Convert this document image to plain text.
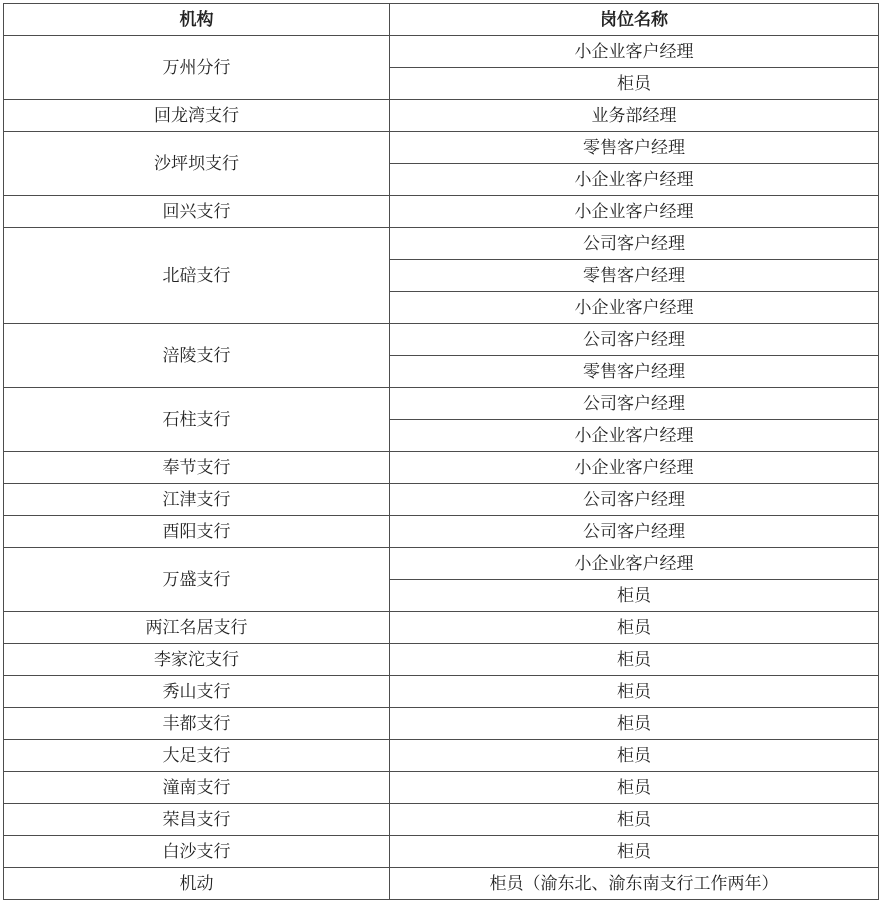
机构	岗位名称
万州分行	小企业客户经理
	柜员
回龙湾支行	业务部经理
沙坪坝支行	零售客户经理
	小企业客户经理
回兴支行	小企业客户经理
北碚支行	公司客户经理
	零售客户经理
	小企业客户经理
涪陵支行	公司客户经理
	零售客户经理
石柱支行	公司客户经理
	小企业客户经理
奉节支行	小企业客户经理
江津支行	公司客户经理
酉阳支行	公司客户经理
万盛支行	小企业客户经理
	柜员
两江名居支行	柜员
李家沱支行	柜员
秀山支行	柜员
丰都支行	柜员
大足支行	柜员
潼南支行	柜员
荣昌支行	柜员
白沙支行	柜员
机动	柜员（渝东北、渝东南支行工作两年）
